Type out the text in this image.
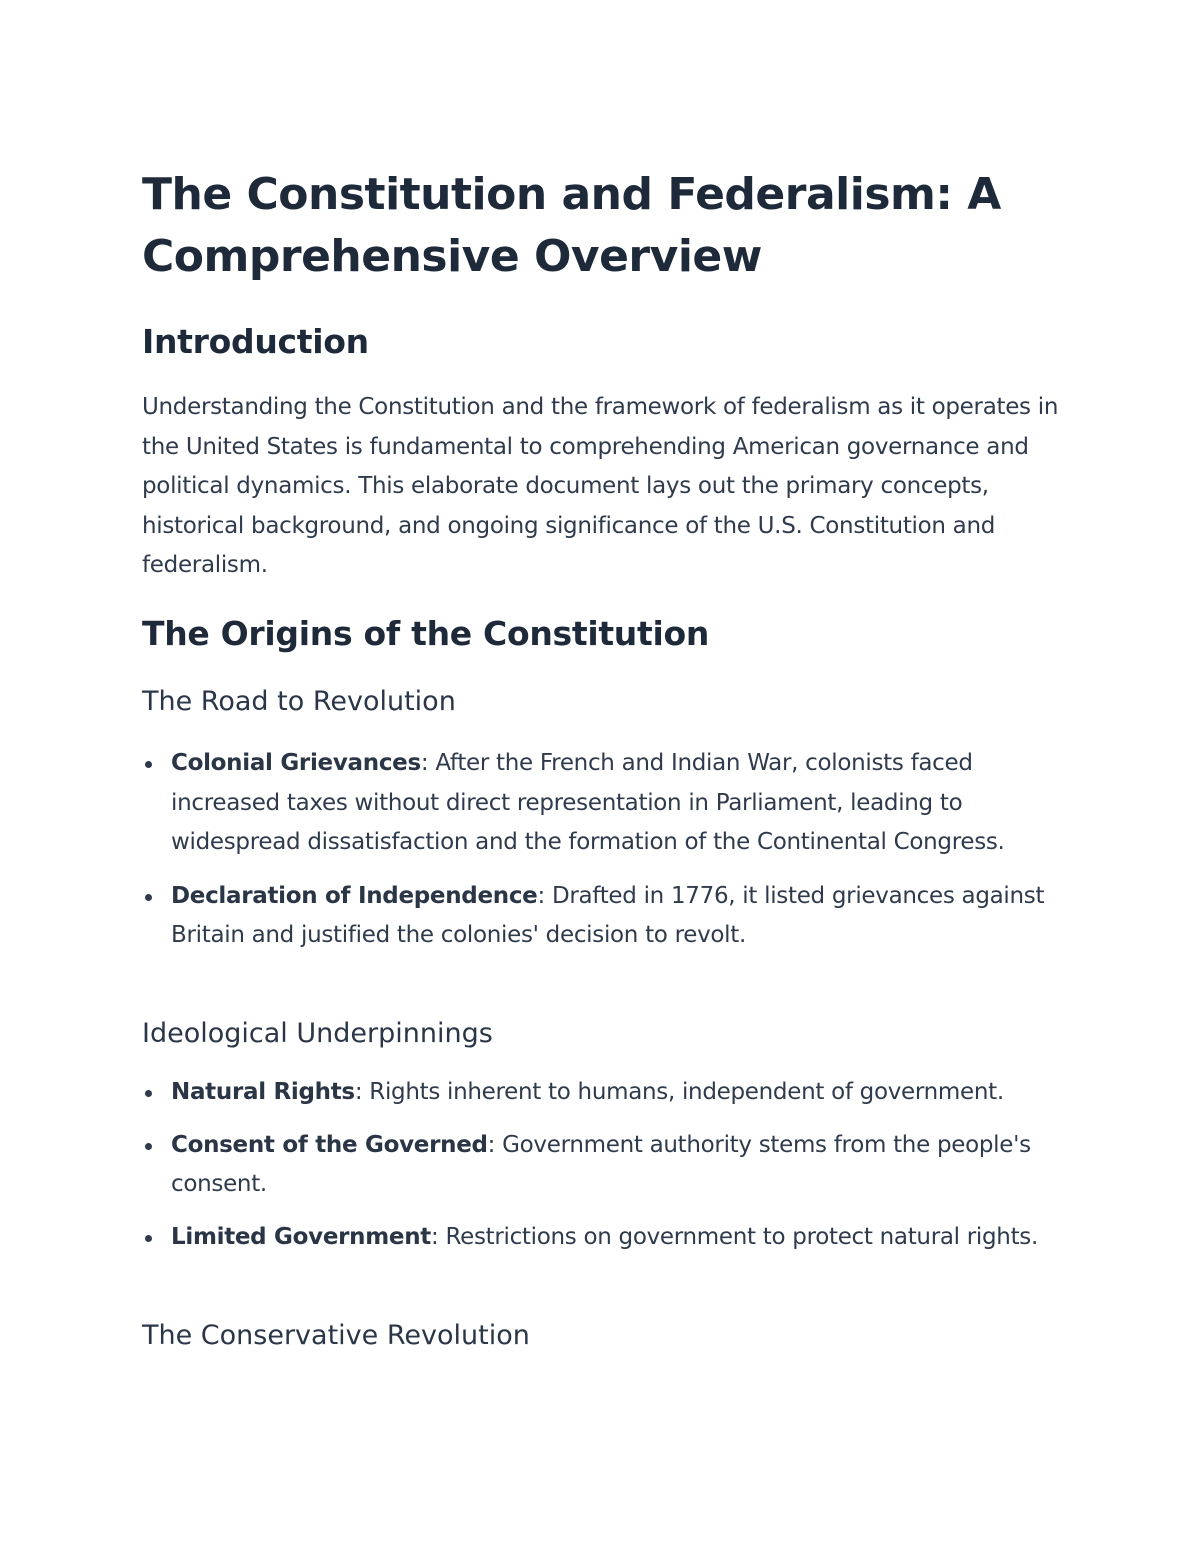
The Constitution and Federalism: A Comprehensive Overview
Introduction

Understanding the Constitution and the framework of federalism as it operates in the United States is fundamental to comprehending American governance and political dynamics. This elaborate document lays out the primary concepts, historical background, and ongoing significance of the U.S. Constitution and federalism.

The Origins of the Constitution
The Road to Revolution
Colonial Grievances: After the French and Indian War, colonists faced increased taxes without direct representation in Parliament, leading to widespread dissatisfaction and the formation of the Continental Congress.
Declaration of Independence: Drafted in 1776, it listed grievances against Britain and justified the colonies' decision to revolt.
Ideological Underpinnings
Natural Rights: Rights inherent to humans, independent of government.
Consent of the Governed: Government authority stems from the people's consent.
Limited Government: Restrictions on government to protect natural rights.
The Conservative Revolution
